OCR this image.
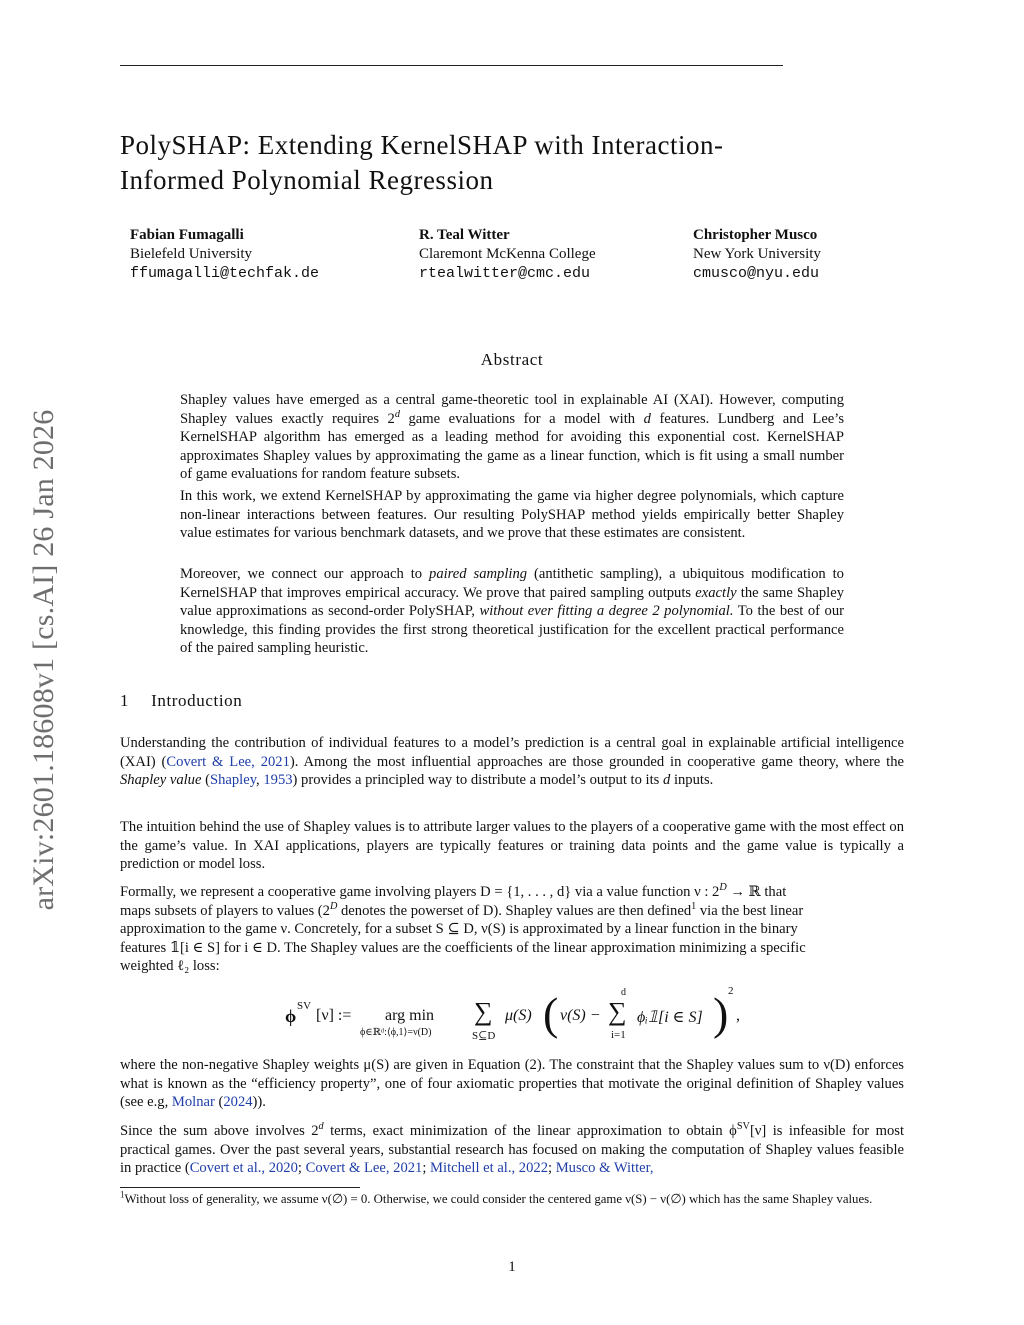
arXiv:2601.18608v1 [cs.AI] 26 Jan 2026
PolySHAP: Extending KernelSHAP with Interaction-
Informed Polynomial Regression
Fabian Fumagalli
Bielefeld University
ffumagalli@techfak.de
R. Teal Witter
Claremont McKenna College
rtealwitter@cmc.edu
Christopher Musco
New York University
cmusco@nyu.edu
Abstract
Shapley values have emerged as a central game-theoretic tool in explainable AI (XAI). However, computing Shapley values exactly requires 2$^d$ game evaluations for a model with d features. Lundberg and Lee’s KernelSHAP algorithm has emerged as a leading method for avoiding this exponential cost. KernelSHAP approximates Shapley values by approximating the game as a linear function, which is fit using a small number of game evaluations for random feature subsets.
In this work, we extend KernelSHAP by approximating the game via higher degree polynomials, which capture non-linear interactions between features. Our resulting PolySHAP method yields empirically better Shapley value estimates for various benchmark datasets, and we prove that these estimates are consistent.
Moreover, we connect our approach to paired sampling (antithetic sampling), a ubiquitous modification to KernelSHAP that improves empirical accuracy. We prove that paired sampling outputs exactly the same Shapley value approximations as second-order PolySHAP, without ever fitting a degree 2 polynomial. To the best of our knowledge, this finding provides the first strong theoretical justification for the excellent practical performance of the paired sampling heuristic.
1 Introduction
Understanding the contribution of individual features to a model’s prediction is a central goal in explainable artificial intelligence (XAI) (Covert & Lee, 2021). Among the most influential approaches are those grounded in cooperative game theory, where the Shapley value (Shapley, 1953) provides a principled way to distribute a model’s output to its d inputs.
The intuition behind the use of Shapley values is to attribute larger values to the players of a cooperative game with the most effect on the game’s value. In XAI applications, players are typically features or training data points and the game value is typically a prediction or model loss.
Formally, we represent a cooperative game involving players D = {1, . . . , d} via a value function ν : $2^D$ → ℝ that
maps subsets of players to values ($2^D$ denotes the powerset of D). Shapley values are then defined$^1$ via the best linear
approximation to the game ν. Concretely, for a subset S ⊆ D, ν(S) is approximated by a linear function in the binary
features 𝟙[i ∈ S] for i ∈ D. The Shapley values are the coefficients of the linear approximation minimizing a specific
weighted ℓ₂ loss:
ϕ SV
[ν] := arg min
ϕ∈ℝᵈ:⟨ϕ,1⟩=ν(D)
∑
S⊆D
μ(S) ( ν(S) −
d
∑
i=1
ϕᵢ𝟙[i ∈ S] ) 2
,
where the non-negative Shapley weights μ(S) are given in Equation (2). The constraint that the Shapley values sum to ν(D) enforces what is known as the “efficiency property”, one of four axiomatic properties that motivate the original definition of Shapley values (see e.g, Molnar (2024)).
Since the sum above involves 2$^d$ terms, exact minimization of the linear approximation to obtain $\phi^{SV}[\nu]$ is infeasible for most practical games. Over the past several years, substantial research has focused on making the computation of Shapley values feasible in practice (Covert et al., 2020; Covert & Lee, 2021; Mitchell et al., 2022; Musco & Witter,
$^1$Without loss of generality, we assume ν(∅) = 0. Otherwise, we could consider the centered game ν(S) − ν(∅) which has the same Shapley values.
1
